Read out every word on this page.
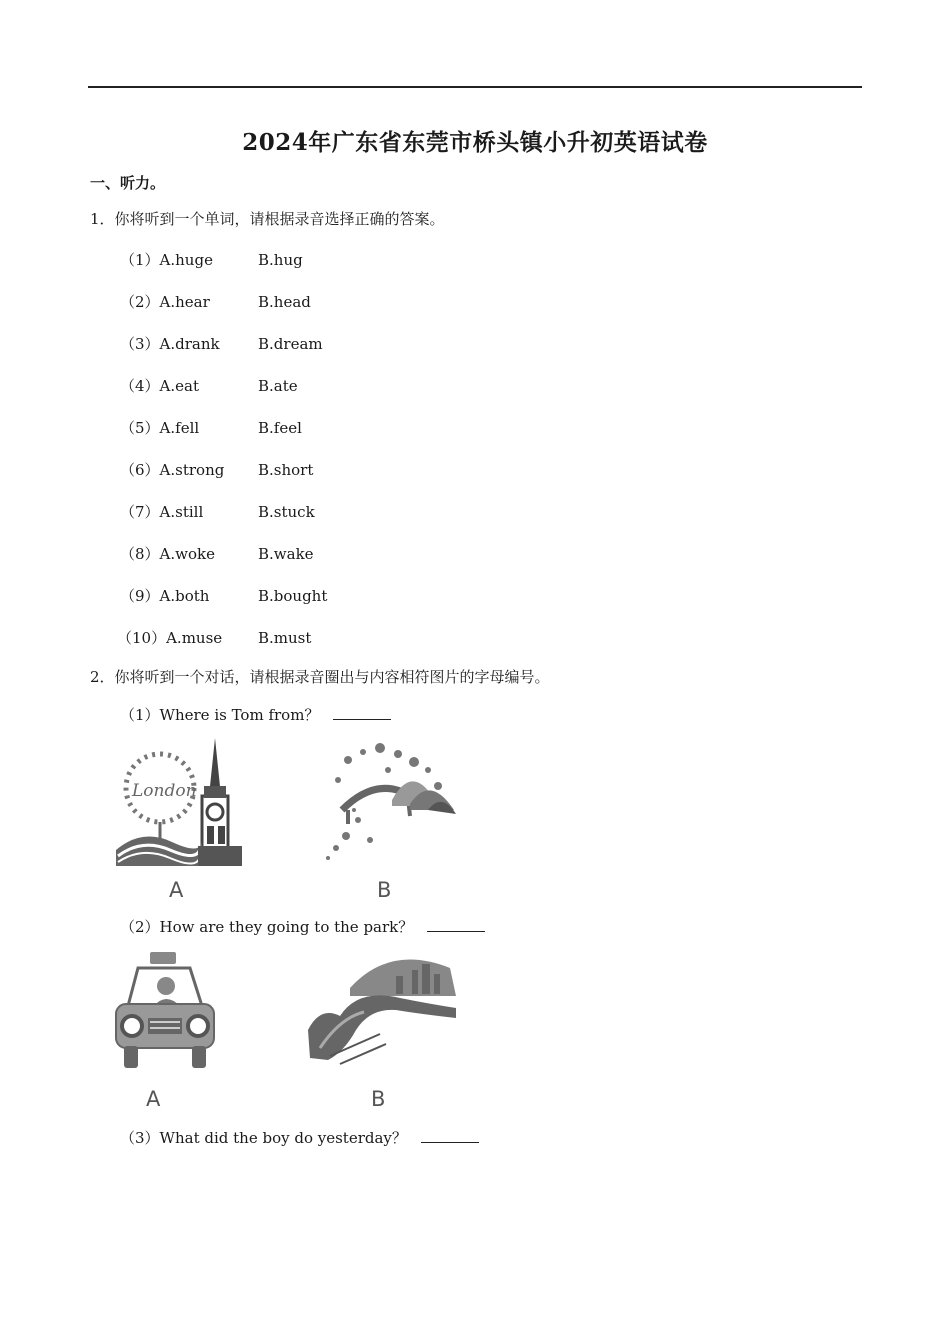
2024年广东省东莞市桥头镇小升初英语试卷
一、听力。
1．你将听到一个单词，请根据录音选择正确的答案。
（1）A.huge	B.hug
（2）A.hear	B.head
（3）A.drank	B.dream
（4）A.eat	B.ate
（5）A.fell	B.feel
（6）A.strong B.short
（7）A.still	B.stuck
（8）A.woke	B.wake
（9）A.both	B.bought
（10）A.muse B.must
2．你将听到一个对话，请根据录音圈出与内容相符图片的字母编号。
（1）Where is Tom from？
London
A	B
（2）How are they going to the park？
A	B
（3）What did the boy do yesterday？
